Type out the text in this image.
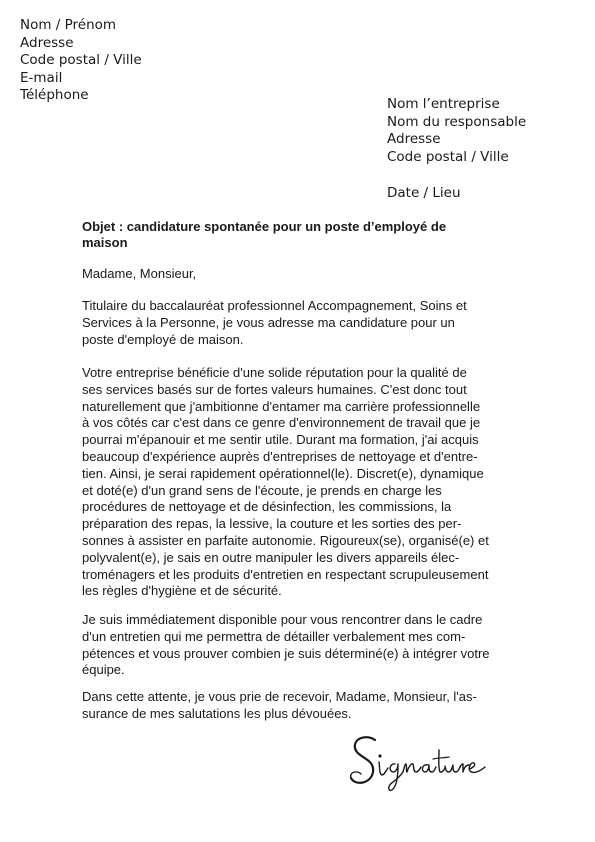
Nom / Prénom
Adresse
Code postal / Ville
E-mail
Téléphone
Nom l’entreprise
Nom du responsable
Adresse
Code postal / Ville
Date / Lieu
Objet : candidature spontanée pour un poste d’employé de
maison
Madame, Monsieur,
Titulaire du baccalauréat professionnel Accompagnement, Soins et
Services à la Personne, je vous adresse ma candidature pour un
poste d'employé de maison.
Votre entreprise bénéficie d'une solide réputation pour la qualité de
ses services basés sur de fortes valeurs humaines. C'est donc tout
naturellement que j'ambitionne d'entamer ma carrière professionnelle
à vos côtés car c'est dans ce genre d'environnement de travail que je
pourrai m'épanouir et me sentir utile. Durant ma formation, j'ai acquis
beaucoup d'expérience auprès d'entreprises de nettoyage et d'entre-
tien. Ainsi, je serai rapidement opérationnel(le). Discret(e), dynamique
et doté(e) d'un grand sens de l'écoute, je prends en charge les
procédures de nettoyage et de désinfection, les commissions, la
préparation des repas, la lessive, la couture et les sorties des per-
sonnes à assister en parfaite autonomie. Rigoureux(se), organisé(e) et
polyvalent(e), je sais en outre manipuler les divers appareils élec-
troménagers et les produits d'entretien en respectant scrupuleusement
les règles d'hygiène et de sécurité.
Je suis immédiatement disponible pour vous rencontrer dans le cadre
d'un entretien qui me permettra de détailler verbalement mes com-
pétences et vous prouver combien je suis déterminé(e) à intégrer votre
équipe.
Dans cette attente, je vous prie de recevoir, Madame, Monsieur, l'as-
surance de mes salutations les plus dévouées.
